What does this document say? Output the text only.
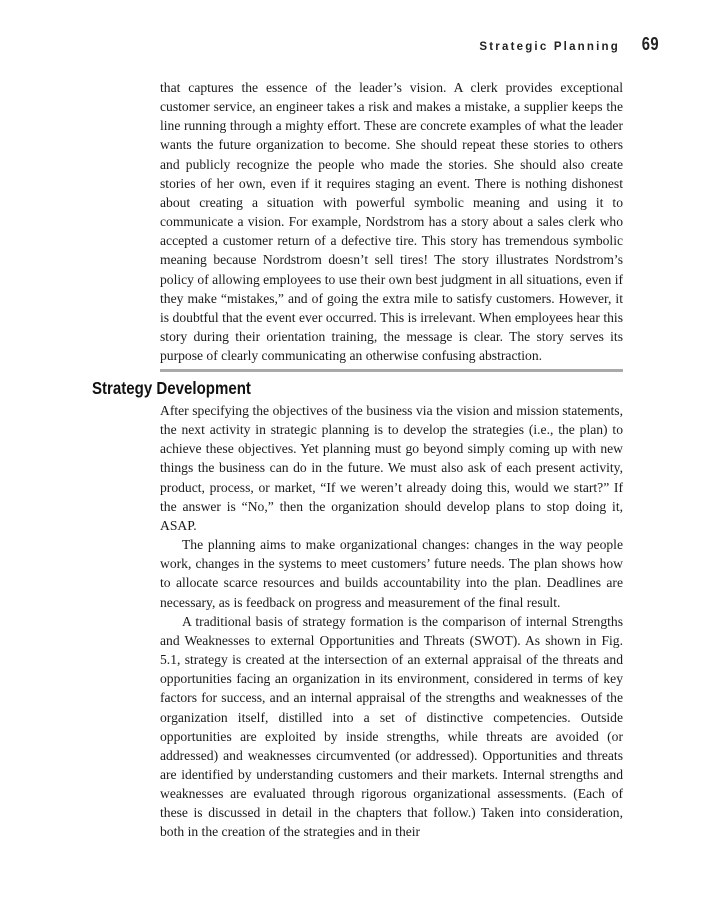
Strategic Planning 69

that captures the essence of the leader’s vision. A clerk provides exceptional customer service, an engineer takes a risk and makes a mistake, a supplier keeps the line running through a mighty effort. These are concrete examples of what the leader wants the future organization to become. She should repeat these stories to others and publicly recognize the people who made the stories. She should also create stories of her own, even if it requires staging an event. There is nothing dishonest about creating a situation with powerful symbolic meaning and using it to communicate a vision. For example, Nordstrom has a story about a sales clerk who accepted a customer return of a defective tire. This story has tremendous symbolic meaning because Nordstrom doesn’t sell tires! The story illustrates Nordstrom’s policy of allowing employees to use their own best judgment in all situations, even if they make “mistakes,” and of going the extra mile to satisfy customers. However, it is doubtful that the event ever occurred. This is irrelevant. When employees hear this story during their orientation training, the message is clear. The story serves its purpose of clearly communicating an otherwise confusing abstraction.

Strategy Development

After specifying the objectives of the business via the vision and mission statements, the next activity in strategic planning is to develop the strategies (i.e., the plan) to achieve these objectives. Yet planning must go beyond simply coming up with new things the business can do in the future. We must also ask of each present activity, product, process, or market, “If we weren’t already doing this, would we start?” If the answer is “No,” then the organization should develop plans to stop doing it, ASAP.

The planning aims to make organizational changes: changes in the way people work, changes in the systems to meet customers’ future needs. The plan shows how to allocate scarce resources and builds accountability into the plan. Deadlines are necessary, as is feedback on progress and measurement of the final result.

A traditional basis of strategy formation is the comparison of internal Strengths and Weaknesses to external Opportunities and Threats (SWOT). As shown in Fig. 5.1, strategy is created at the intersection of an external appraisal of the threats and opportunities facing an organization in its environment, considered in terms of key factors for success, and an internal appraisal of the strengths and weaknesses of the organization itself, distilled into a set of distinctive competencies. Outside opportunities are exploited by inside strengths, while threats are avoided (or addressed) and weaknesses circumvented (or addressed). Opportunities and threats are identified by understanding customers and their markets. Internal strengths and weaknesses are evaluated through rigorous organizational assessments. (Each of these is discussed in detail in the chapters that follow.) Taken into consideration, both in the creation of the strategies and in their
